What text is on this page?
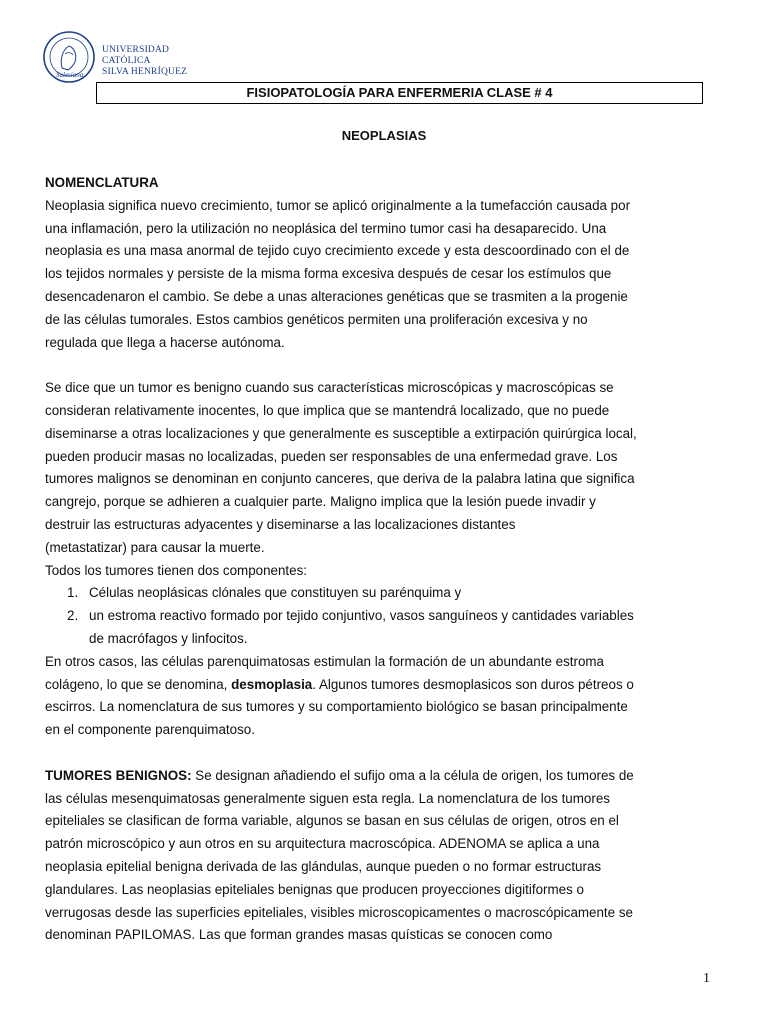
Salesiana
UNIVERSIDAD CATÓLICA
SILVA HENRÍQUEZ
FISIOPATOLOGÍA PARA ENFERMERIA CLASE # 4
NEOPLASIAS

NOMENCLATURA

Neoplasia significa nuevo crecimiento, tumor se aplicó originalmente a la tumefacción causada por

una inflamación, pero la utilización no neoplásica del termino tumor casi ha desaparecido. Una

neoplasia es una masa anormal de tejido cuyo crecimiento excede y esta descoordinado con el de

los tejidos normales y persiste de la misma forma excesiva después de cesar los estímulos que

desencadenaron el cambio. Se debe a unas alteraciones genéticas que se trasmiten a la progenie

de las células tumorales. Estos cambios genéticos permiten una proliferación excesiva y no

regulada que llega a hacerse autónoma.

Se dice que un tumor es benigno cuando sus características microscópicas y macroscópicas se

consideran relativamente inocentes, lo que implica que se mantendrá localizado, que no puede

diseminarse a otras localizaciones y que generalmente es susceptible a extirpación quirúrgica local,

pueden producir masas no localizadas, pueden ser responsables de una enfermedad grave. Los

tumores malignos se denominan en conjunto canceres, que deriva de la palabra latina que significa

cangrejo, porque se adhieren a cualquier parte. Maligno implica que la lesión puede invadir y

destruir las estructuras adyacentes y diseminarse a las localizaciones distantes

(metastatizar) para causar la muerte.

Todos los tumores tienen dos componentes:

1. Células neoplásicas clónales que constituyen su parénquima y
2. un estroma reactivo formado por tejido conjuntivo, vasos sanguíneos y cantidades variables
de macrófagos y linfocitos.

En otros casos, las células parenquimatosas estimulan la formación de un abundante estroma

colágeno, lo que se denomina, desmoplasia. Algunos tumores desmoplasicos son duros pétreos o

escirros. La nomenclatura de sus tumores y su comportamiento biológico se basan principalmente

en el componente parenquimatoso.

TUMORES BENIGNOS: Se designan añadiendo el sufijo oma a la célula de origen, los tumores de

las células mesenquimatosas generalmente siguen esta regla. La nomenclatura de los tumores

epiteliales se clasifican de forma variable, algunos se basan en sus células de origen, otros en el

patrón microscópico y aun otros en su arquitectura macroscópica. ADENOMA se aplica a una

neoplasia epitelial benigna derivada de las glándulas, aunque pueden o no formar estructuras

glandulares. Las neoplasias epiteliales benignas que producen proyecciones digitiformes o

verrugosas desde las superficies epiteliales, visibles microscopicamentes o macroscópicamente se

denominan PAPILOMAS. Las que forman grandes masas quísticas se conocen como

1
